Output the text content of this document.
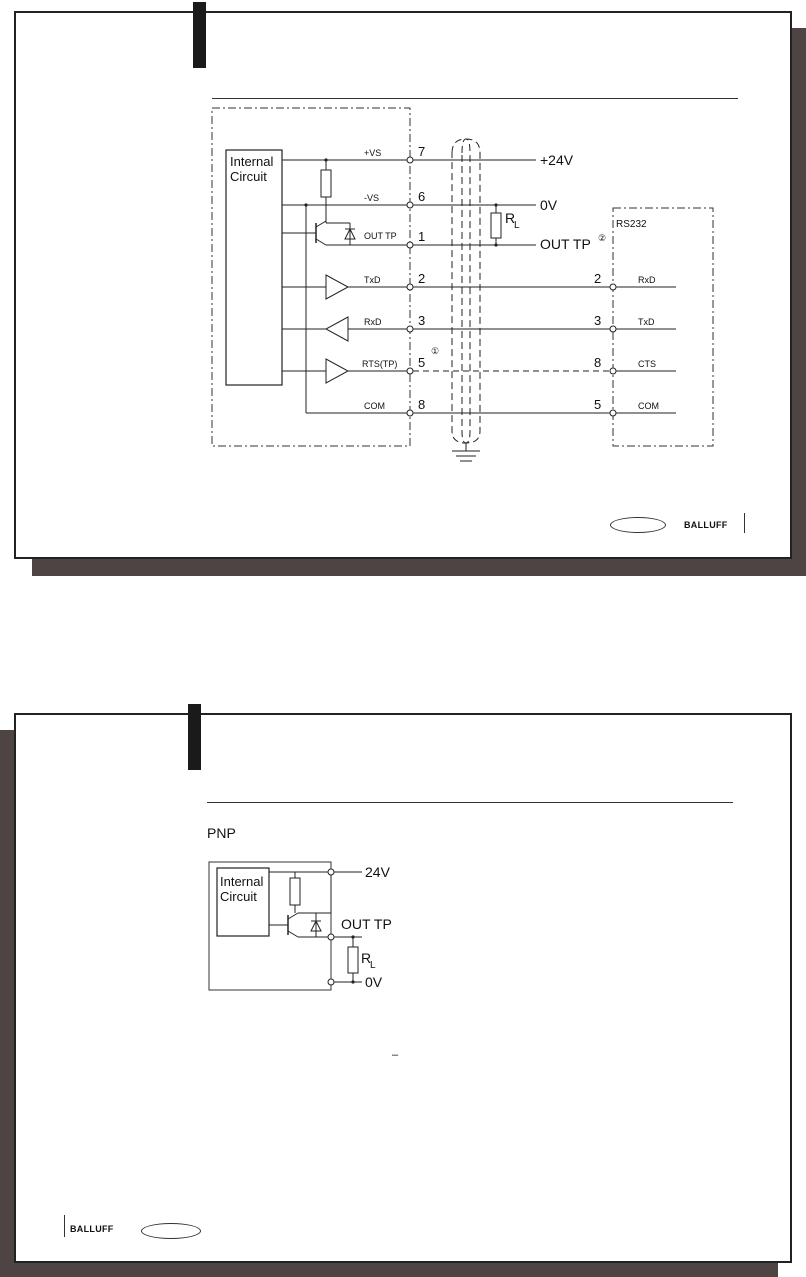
Internal
Circuit
+VS
-VS
OUT TP
TxD
RxD
RTS(TP)
COM
7
6
1
2
3
5
8
①
+24V
0V
OUT TP ②
R
L	RS232
2
3
8
5
RxD
TxD
CTS
COM
BALLUFF
PNP
Internal
Circuit
24V
OUT TP
R
L
0V
–
BALLUFF
